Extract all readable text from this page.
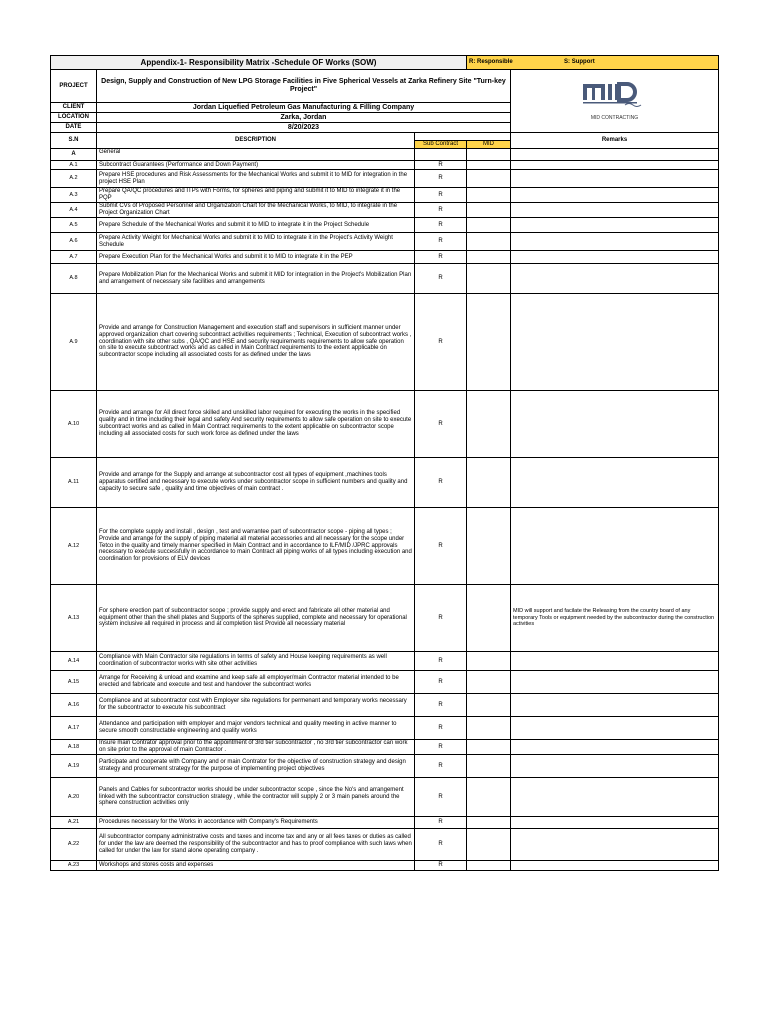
Appendix-1- Responsibility Matrix -Schedule OF Works (SOW)			R: Responsible S: Support	
PROJECT	Design, Supply and Construction of New LPG Storage Facilities in Five Spherical Vessels at Zarka Refinery Site "Turn-key Project"			MID CONTRACTING

CLIENT	Jordan Liquefied Petroleum Gas Manufacturing & Filling Company			
LOCATION	Zarka, Jordan			
DATE	8/20/2023			
S.N	DESCRIPTION			Remarks
		Sub Contract	MID	
A	General			
A.1	Subcontract Guarantees (Performance and Down Payment)	R		
A.2	Prepare HSE procedures and Risk Assessments for the Mechanical Works and submit it to MID for integration in the project HSE Plan	R		
A.3	Prepare QA/QC procedures and ITPs with Forms, for spheres and piping and submit it to MID to integrate it in the PQP	R		
A.4	Submit CVs of Proposed Personnel and Organization Chart for the Mechanical Works, to MID, to integrate in the Project Organization Chart	R		
A.5	Prepare Schedule of the Mechanical Works and submit it to MID to integrate it in the Project Schedule	R		
A.6	Prepare Activity Weight for Mechanical Works and submit it to MID to integrate it in the Project's Activity Weight Schedule	R		
A.7	Prepare Execution Plan for the Mechanical Works and submit it to MID to integrate it in the PEP	R		
A.8	Prepare Mobilization Plan for the Mechanical Works and submit it MID for integration in the Project's Mobilization Plan and arrangement of necessary site facilities and arrangements	R		
A.9	Provide and arrange for Construction Management and execution staff and supervisors in sufficient manner under approved organization chart covering subcontract activities requirements ; Technical, Execution of subcontract works , coordination with site other subs , QA/QC and HSE and security requirements requirements to allow safe operation on site to execute subcontract works and as called in Main Contract requirements to the extent applicable on subcontractor scope including all associated costs for as defined under the laws	R		
A.10	Provide and arrange for All direct force skilled and unskilled labor required for executing the works in the specified quality and in time including their legal and safety And security requirements to allow safe operation on site to execute subcontract works and as called in Main Contract requirements to the extent applicable on subcontractor scope including all associated costs for such work force as defined under the laws	R		
A.11	Provide and arrange for the Supply and arrange at subcontractor cost all types of equipment ,machines tools apparatus certified and necessary to execute works under subcontractor scope in sufficient numbers and quality and capacity to secure safe , quality and time objectives of main contract .	R		
A.12	For the complete supply and install , design , test and warrantee part of subcontractor scope - piping all types ; Provide and arrange for the supply of piping material all material accessories and all necessary for the scope under Tetco in the quality and timely manner specified in Main Contract and in accordance to ILF/MID /JPRC approvals necessary to execute successfully in accordance to main Contract all piping works of all types including execution and coordination for provisions of ELV devices	R		
A.13	For sphere erection part of subcontractor scope ; provide supply and erect and fabricate all other material and equipment other than the shell plates and Supports of the spheres supplied, complete and necessary for operational system inclusive all required in process and at completion test Provide all necessary material	R		MID will support and facilate the Releasing from the country board of any temporary Tools or equipment needed by the subcontractor during the construction activities
A.14	Compliance with Main Contractor site regulations in terms of safety and House keeping requirements as well coordination of subcontractor works with site other activities	R		
A.15	Arrange for Receiving & unload and examine and keep safe all employer/main Contractor material intended to be erected and fabricate and execute and test and handover the subcontract works	R		
A.16	Compliance and at subcontractor cost with Employer site regulations for permenant and temporary works necessary for the subcontractor to execute his subcontract	R		
A.17	Attendance and participation with employer and major vendors technical and quality meeting in active manner to secure smooth constructable engineering and quality works	R		
A.18	Insure main Contrator approval prior to the appointment of 3rd tier subcontractor , no 3rd tier subcontractor can work on site prior to the approval of main Contractor .	R		
A.19	Participate and cooperate with Company and or main Contrator for the objective of construction strategy and design strategy and procurement strategy for the purpose of implementing project objectives	R		
A.20	Panels and Cables for subcontractor works should be under subcontractor scope , since the No's and arrangement linked with the subcontractor construction strategy , while the contractor will supply 2 or 3 main panels around the sphere construction activities only	R		
A.21	Procedures necessary for the Works in accordance with Company's Requirements	R		
A.22	All subcontractor company administrative costs and taxes and income tax and any or all fees taxes or duties as called for under the law are deemed the responsibility of the subcontractor and has to proof compliance with such laws when called for under the law for stand alone operating company .	R		
A.23	Workshops and stores costs and expenses	R		
